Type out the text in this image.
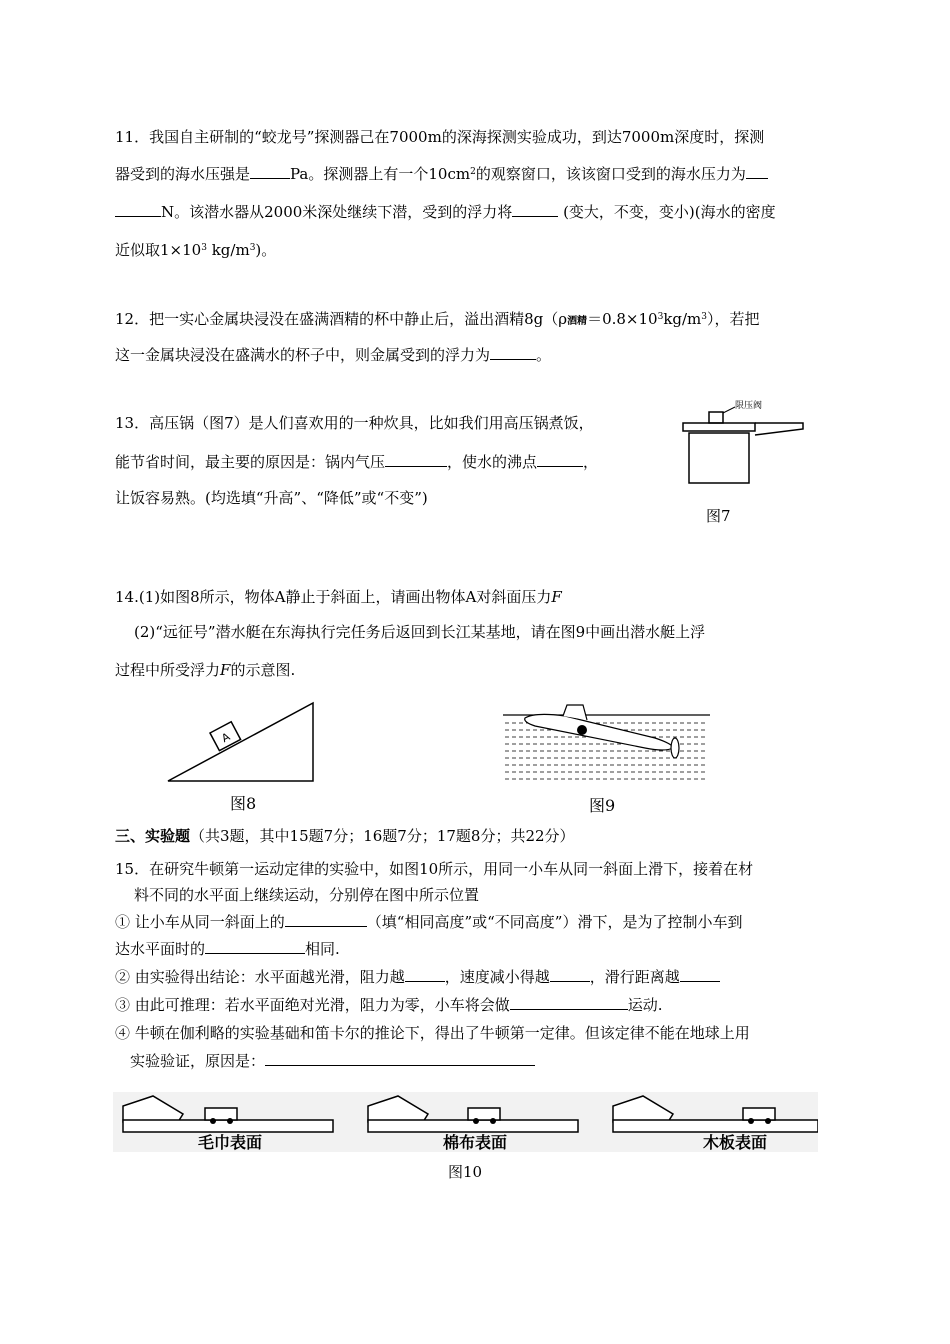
11．我国自主研制的“蛟龙号”探测器己在7000m的深海探测实验成功，到达7000m深度时，探测
器受到的海水压强是	Pa。探测器上有一个$10cm^2$的观察窗口，该该窗口受到的海水压力为
N。该潜水器从2000米深处继续下潜，受到的浮力将	(变大，不变，变小)(海水的密度
近似取$1\times 10^3$ $kg/m^3$)。
12．把一实心金属块浸没在盛满酒精的杯中静止后，溢出酒精8g（ρ酒精$=0.8\times 10^3kg/m^3$），若把
这一金属块浸没在盛满水的杯子中，则金属受到的浮力为	。
13．高压锅（图7）是人们喜欢用的一种炊具，比如我们用高压锅煮饭，
能节省时间，最主要的原因是：锅内气压	，使水的沸点	，
让饭容易熟。(均选填“升高”、“降低”或“不变”)
限压阀
图7
14.(1)如图8所示，物体A静止于斜面上，请画出物体A对斜面压力F
(2)“远征号”潜水艇在东海执行完任务后返回到长江某基地，请在图9中画出潜水艇上浮
过程中所受浮力F的示意图.
A
图8	图9
三、实验题（共3题，其中15题7分；16题7分；17题8分；共22分）
15．在研究牛顿第一运动定律的实验中，如图10所示，用同一小车从同一斜面上滑下，接着在材
料不同的水平面上继续运动，分别停在图中所示位置
① 让小车从同一斜面上的	（填“相同高度”或“不同高度”）滑下，是为了控制小车到
达水平面时的	相同.
② 由实验得出结论：水平面越光滑，阻力越	，速度减小得越	，滑行距离越
③ 由此可推理：若水平面绝对光滑，阻力为零，小车将会做	运动.
④ 牛顿在伽利略的实验基础和笛卡尔的推论下，得出了牛顿第一定律。但该定律不能在地球上用
实验验证，原因是：
毛巾表面	棉布表面	木板表面
图10
